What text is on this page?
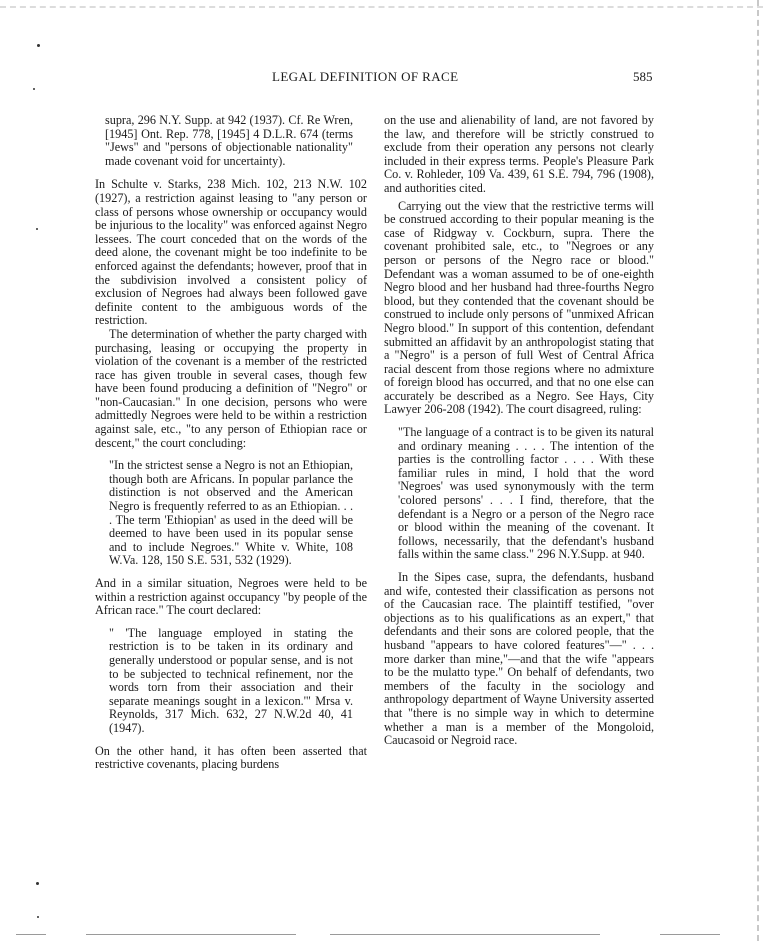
LEGAL DEFINITION OF RACE	585

supra, 296 N.Y. Supp. at 942 (1937). Cf. Re Wren, [1945] Ont. Rep. 778, [1945] 4 D.L.R. 674 (terms "Jews" and "persons of objectionable nationality" made covenant void for uncertainty).

In Schulte v. Starks, 238 Mich. 102, 213 N.W. 102 (1927), a restriction against leasing to "any person or class of persons whose ownership or occupancy would be injurious to the locality" was enforced against Negro lessees. The court conceded that on the words of the deed alone, the covenant might be too indefinite to be enforced against the defendants; however, proof that in the subdivision involved a consistent policy of exclusion of Negroes had always been followed gave definite content to the ambiguous words of the restriction.

The determination of whether the party charged with purchasing, leasing or occupying the property in violation of the covenant is a member of the restricted race has given trouble in several cases, though few have been found producing a definition of "Negro" or "non-Caucasian." In one decision, persons who were admittedly Negroes were held to be within a restriction against sale, etc., "to any person of Ethiopian race or descent," the court concluding:

"In the strictest sense a Negro is not an Ethiopian, though both are Africans. In popular parlance the distinction is not observed and the American Negro is frequently referred to as an Ethiopian. . . . The term 'Ethiopian' as used in the deed will be deemed to have been used in its popular sense and to include Negroes." White v. White, 108 W.Va. 128, 150 S.E. 531, 532 (1929).

And in a similar situation, Negroes were held to be within a restriction against occupancy "by people of the African race." The court declared:

" 'The language employed in stating the restriction is to be taken in its ordinary and generally understood or popular sense, and is not to be subjected to technical refinement, nor the words torn from their association and their separate meanings sought in a lexicon.'" Mrsa v. Reynolds, 317 Mich. 632, 27 N.W.2d 40, 41 (1947).

On the other hand, it has often been asserted that restrictive covenants, placing burdens

on the use and alienability of land, are not favored by the law, and therefore will be strictly construed to exclude from their operation any persons not clearly included in their express terms. People's Pleasure Park Co. v. Rohleder, 109 Va. 439, 61 S.E. 794, 796 (1908), and authorities cited.

Carrying out the view that the restrictive terms will be construed according to their popular meaning is the case of Ridgway v. Cockburn, supra. There the covenant prohibited sale, etc., to "Negroes or any person or persons of the Negro race or blood." Defendant was a woman assumed to be of one-eighth Negro blood and her husband had three-fourths Negro blood, but they contended that the covenant should be construed to include only persons of "unmixed African Negro blood." In support of this contention, defendant submitted an affidavit by an anthropologist stating that a "Negro" is a person of full West of Central Africa racial descent from those regions where no admixture of foreign blood has occurred, and that no one else can accurately be described as a Negro. See Hays, City Lawyer 206-208 (1942). The court disagreed, ruling:

"The language of a contract is to be given its natural and ordinary meaning . . . . The intention of the parties is the controlling factor . . . . With these familiar rules in mind, I hold that the word 'Negroes' was used synonymously with the term 'colored persons' . . . I find, therefore, that the defendant is a Negro or a person of the Negro race or blood within the meaning of the covenant. It follows, necessarily, that the defendant's husband falls within the same class." 296 N.Y.Supp. at 940.

In the Sipes case, supra, the defendants, husband and wife, contested their classification as persons not of the Caucasian race. The plaintiff testified, "over objections as to his qualifications as an expert," that defendants and their sons are colored people, that the husband "appears to have colored features"—" . . . more darker than mine,"—and that the wife "appears to be the mulatto type." On behalf of defendants, two members of the faculty in the sociology and anthropology department of Wayne University asserted that "there is no simple way in which to determine whether a man is a member of the Mongoloid, Caucasoid or Negroid race.
